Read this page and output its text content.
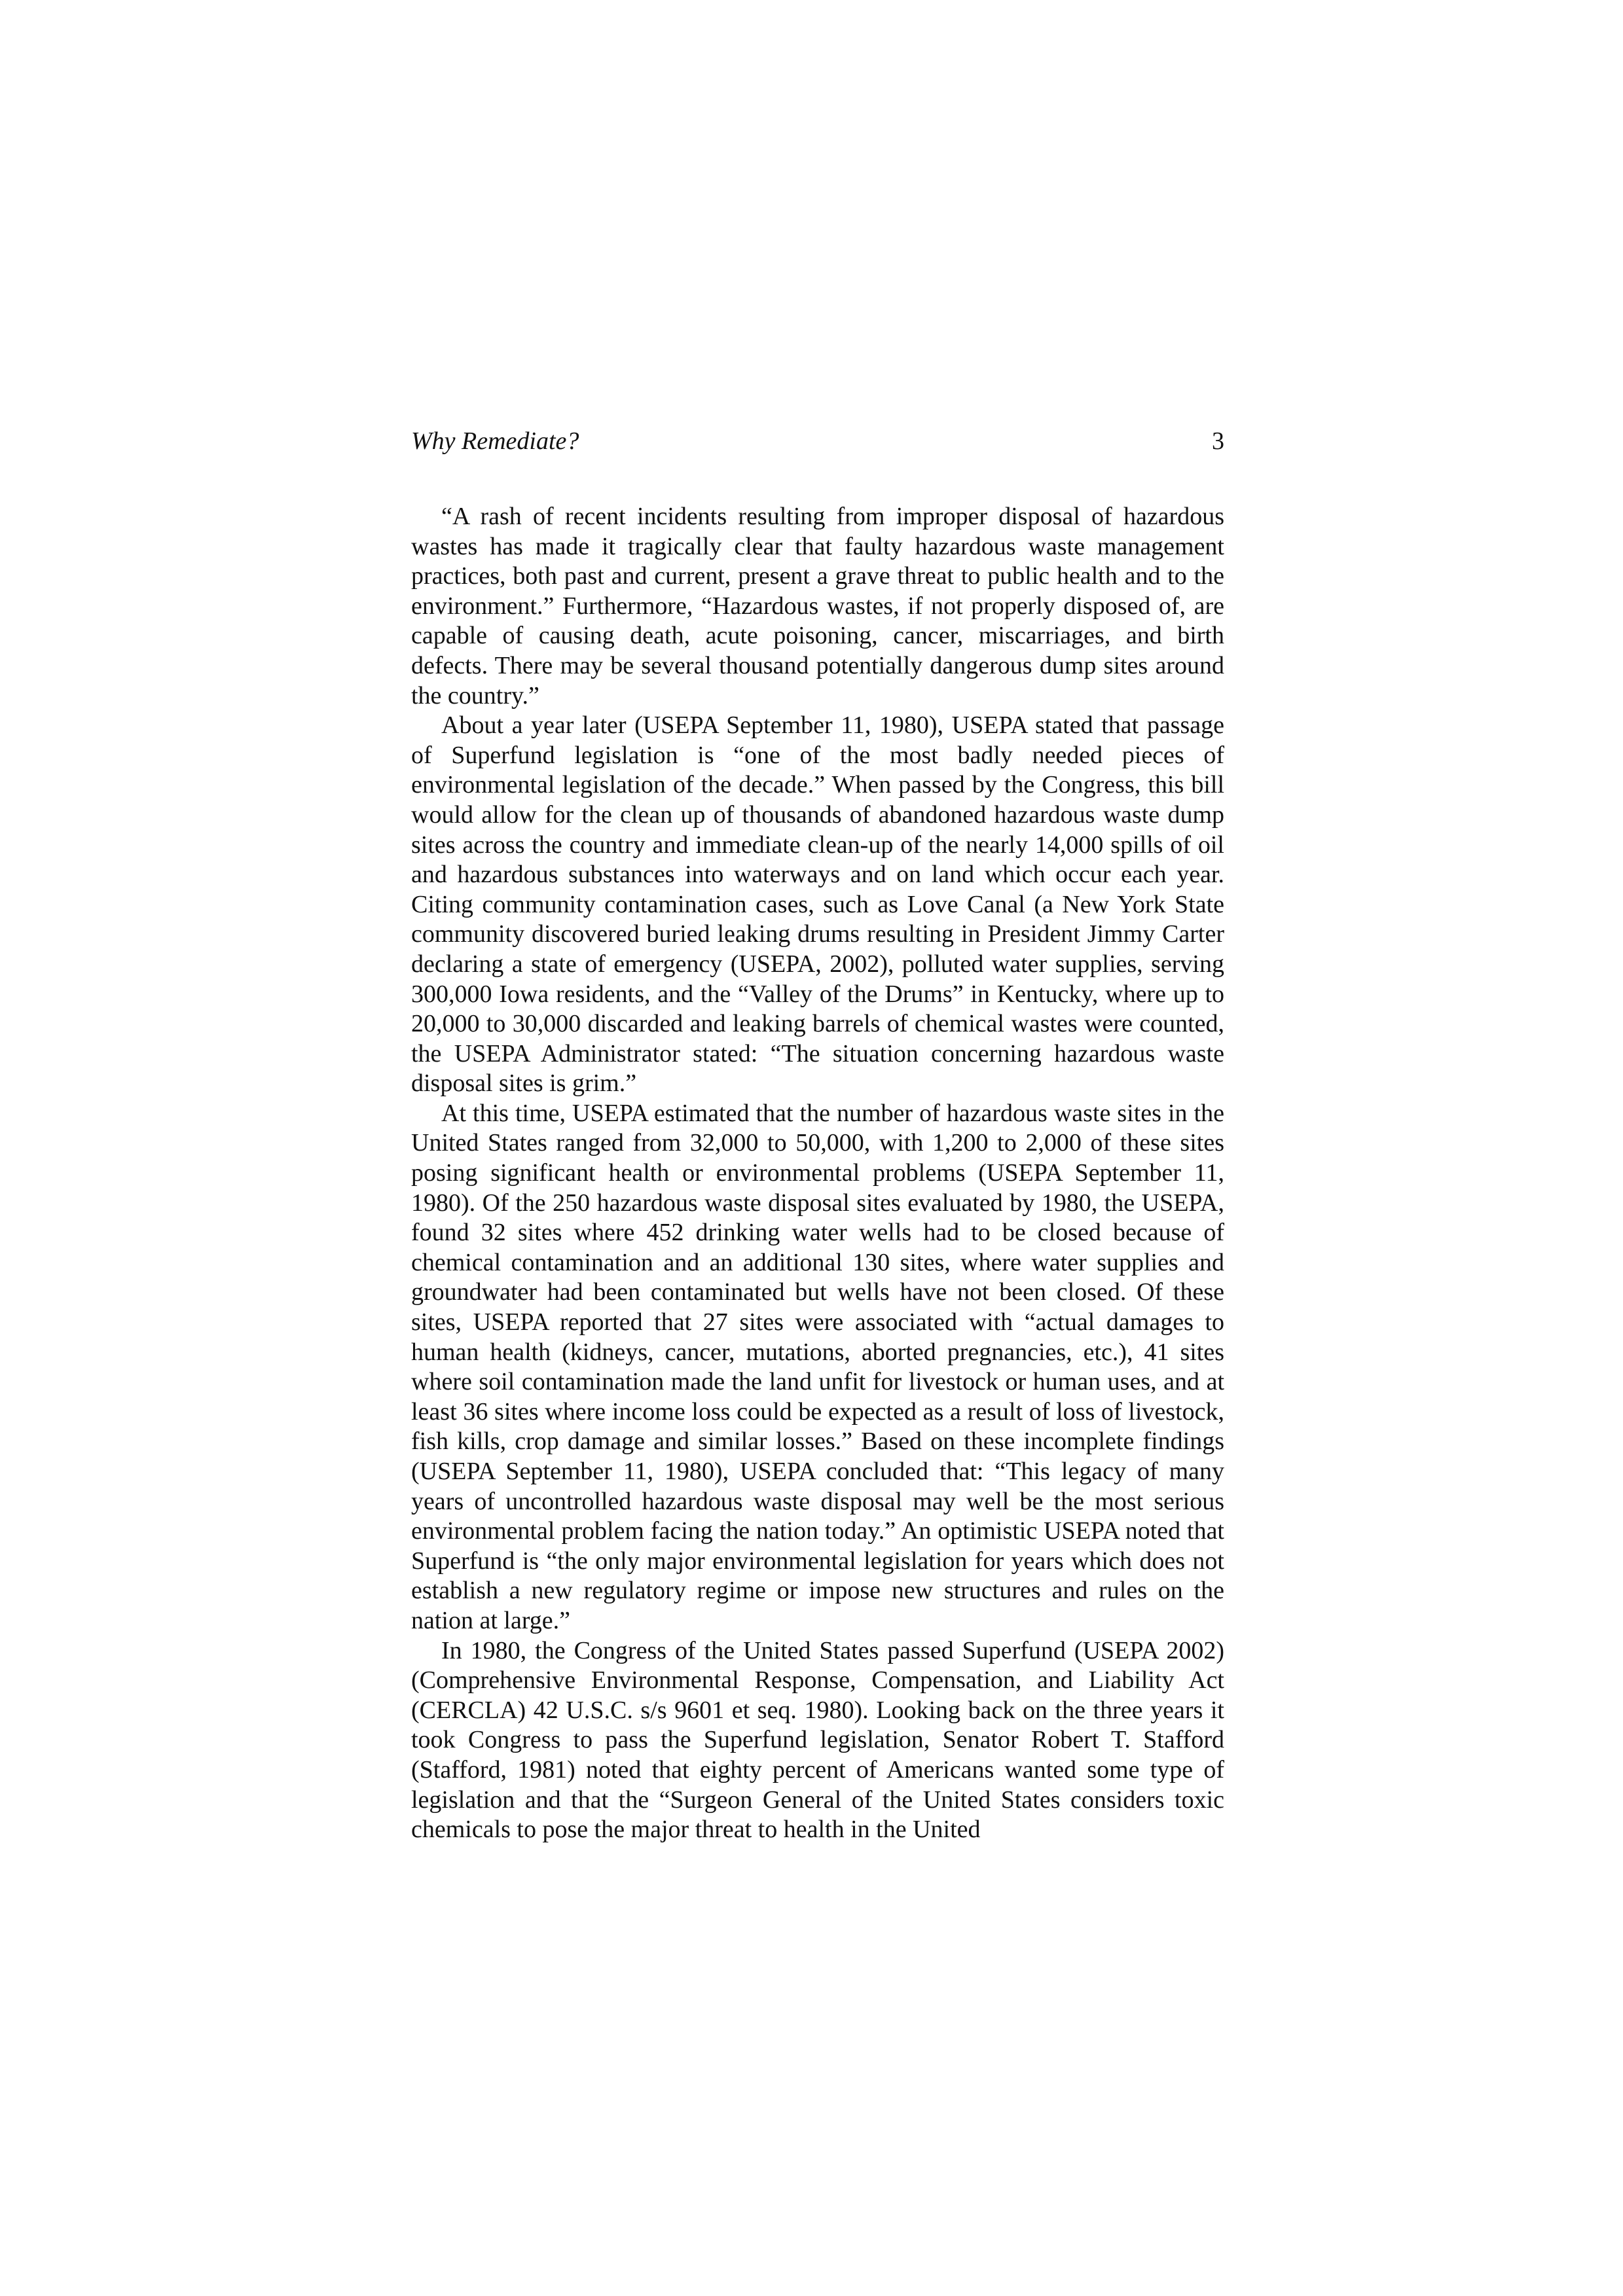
Why Remediate?	3

“A rash of recent incidents resulting from improper disposal of hazardous wastes has made it tragically clear that faulty hazardous waste management practices, both past and current, present a grave threat to public health and to the environment.” Furthermore, “Hazardous wastes, if not properly disposed of, are capable of causing death, acute poisoning, cancer, miscarriages, and birth defects. There may be several thousand potentially dangerous dump sites around the country.”

About a year later (USEPA September 11, 1980), USEPA stated that passage of Superfund legislation is “one of the most badly needed pieces of environmental legislation of the decade.” When passed by the Congress, this bill would allow for the clean up of thousands of abandoned hazardous waste dump sites across the country and immediate clean-up of the nearly 14,000 spills of oil and hazardous substances into waterways and on land which occur each year. Citing community contamination cases, such as Love Canal (a New York State community discovered buried leaking drums resulting in President Jimmy Carter declaring a state of emergency (USEPA, 2002), polluted water supplies, serving 300,000 Iowa residents, and the “Valley of the Drums” in Kentucky, where up to 20,000 to 30,000 discarded and leaking barrels of chemical wastes were counted, the USEPA Administrator stated: “The situation concerning hazardous waste disposal sites is grim.”

At this time, USEPA estimated that the number of hazardous waste sites in the United States ranged from 32,000 to 50,000, with 1,200 to 2,000 of these sites posing significant health or environmental problems (USEPA September 11, 1980). Of the 250 hazardous waste disposal sites evaluated by 1980, the USEPA, found 32 sites where 452 drinking water wells had to be closed because of chemical contamination and an additional 130 sites, where water supplies and groundwater had been contaminated but wells have not been closed. Of these sites, USEPA reported that 27 sites were associated with “actual damages to human health (kidneys, cancer, mutations, aborted pregnancies, etc.), 41 sites where soil contamination made the land unfit for livestock or human uses, and at least 36 sites where income loss could be expected as a result of loss of livestock, fish kills, crop damage and similar losses.” Based on these incomplete findings (USEPA September 11, 1980), USEPA concluded that: “This legacy of many years of uncontrolled hazardous waste disposal may well be the most serious environmental problem facing the nation today.” An optimistic USEPA noted that Superfund is “the only major environmental legislation for years which does not establish a new regulatory regime or impose new structures and rules on the nation at large.”

In 1980, the Congress of the United States passed Superfund (USEPA 2002) (Comprehensive Environmental Response, Compensation, and Liability Act (CERCLA) 42 U.S.C. s/s 9601 et seq. 1980). Looking back on the three years it took Congress to pass the Superfund legislation, Senator Robert T. Stafford (Stafford, 1981) noted that eighty percent of Americans wanted some type of legislation and that the “Surgeon General of the United States considers toxic chemicals to pose the major threat to health in the United
